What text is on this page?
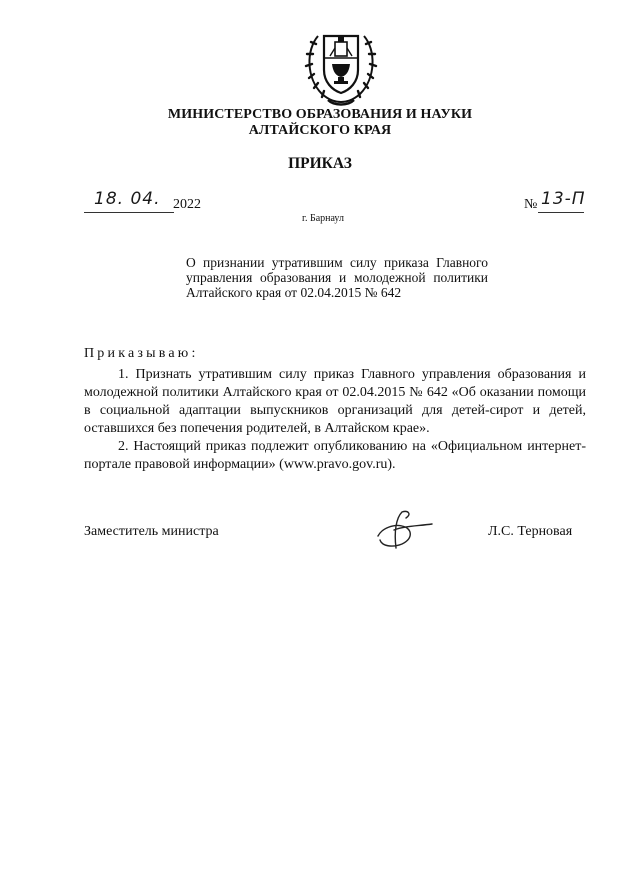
МИНИСТЕРСТВО ОБРАЗОВАНИЯ И НАУКИ
АЛТАЙСКОГО КРАЯ
ПРИКАЗ
18. 04. 2022	№ 13-П
г. Барнаул
О признании утратившим силу приказа Главного управления образования и молодежной политики Алтайского края от 02.04.2015 № 642
Приказываю:
1. Признать утратившим силу приказ Главного управления образования и молодежной политики Алтайского края от 02.04.2015 № 642 «Об оказании помощи в социальной адаптации выпускников организаций для детей-сирот и детей, оставшихся без попечения родителей, в Алтайском крае».
2. Настоящий приказ подлежит опубликованию на «Официальном интернет-портале правовой информации» (www.pravo.gov.ru).
Заместитель министра	Л.С. Терновая
